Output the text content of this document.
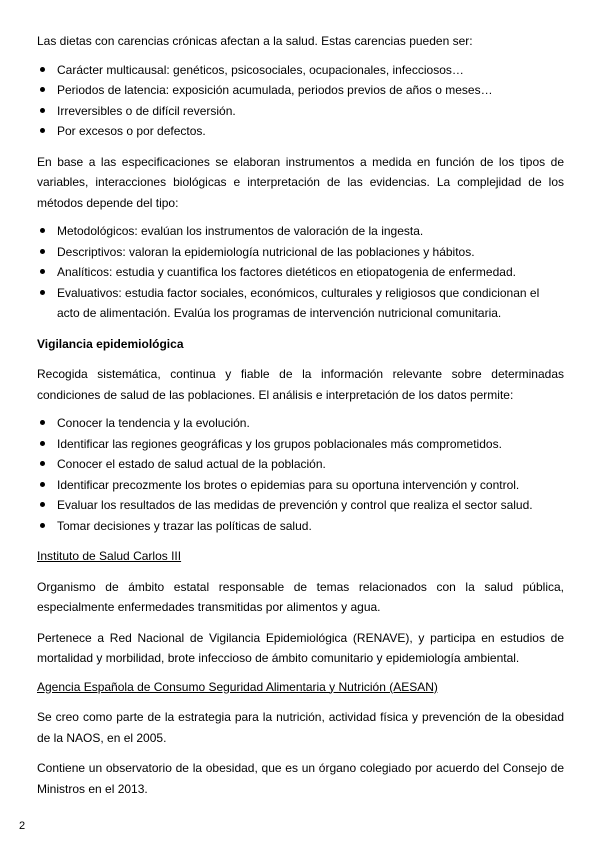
Las dietas con carencias crónicas afectan a la salud. Estas carencias pueden ser:

Carácter multicausal: genéticos, psicosociales, ocupacionales, infecciosos…
Periodos de latencia: exposición acumulada, periodos previos de años o meses…
Irreversibles o de difícil reversión.
Por excesos o por defectos.

En base a las especificaciones se elaboran instrumentos a medida en función de los tipos de variables, interacciones biológicas e interpretación de las evidencias. La complejidad de los métodos depende del tipo:

Metodológicos: evalúan los instrumentos de valoración de la ingesta.
Descriptivos: valoran la epidemiología nutricional de las poblaciones y hábitos.
Analíticos: estudia y cuantifica los factores dietéticos en etiopatogenia de enfermedad.
Evaluativos: estudia factor sociales, económicos, culturales y religiosos que condicionan el acto de alimentación. Evalúa los programas de intervención nutricional comunitaria.

Vigilancia epidemiológica

Recogida sistemática, continua y fiable de la información relevante sobre determinadas condiciones de salud de las poblaciones. El análisis e interpretación de los datos permite:

Conocer la tendencia y la evolución.
Identificar las regiones geográficas y los grupos poblacionales más comprometidos.
Conocer el estado de salud actual de la población.
Identificar precozmente los brotes o epidemias para su oportuna intervención y control.
Evaluar los resultados de las medidas de prevención y control que realiza el sector salud.
Tomar decisiones y trazar las políticas de salud.

Instituto de Salud Carlos III

Organismo de ámbito estatal responsable de temas relacionados con la salud pública, especialmente enfermedades transmitidas por alimentos y agua.

Pertenece a Red Nacional de Vigilancia Epidemiológica (RENAVE), y participa en estudios de mortalidad y morbilidad, brote infeccioso de ámbito comunitario y epidemiología ambiental.

Agencia Española de Consumo Seguridad Alimentaria y Nutrición (AESAN)

Se creo como parte de la estrategia para la nutrición, actividad física y prevención de la obesidad de la NAOS, en el 2005.

Contiene un observatorio de la obesidad, que es un órgano colegiado por acuerdo del Consejo de Ministros en el 2013.

2
